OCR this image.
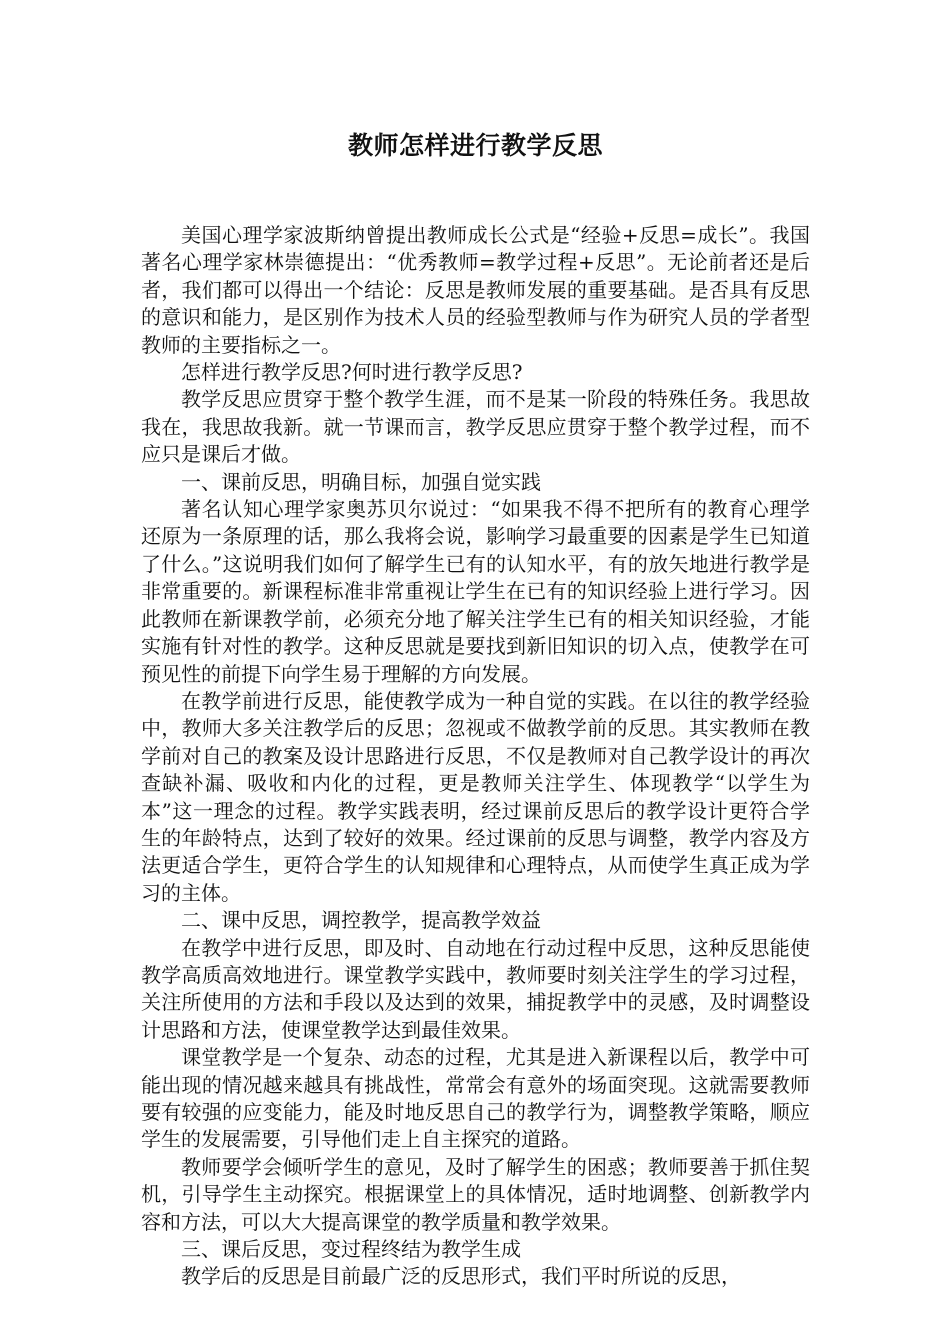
教师怎样进行教学反思

美国心理学家波斯纳曾提出教师成长公式是“经验+反思=成长”。我国著名心理学家林崇德提出：“优秀教师=教学过程+反思”。无论前者还是后者，我们都可以得出一个结论：反思是教师发展的重要基础。是否具有反思的意识和能力，是区别作为技术人员的经验型教师与作为研究人员的学者型教师的主要指标之一。

怎样进行教学反思?何时进行教学反思?

教学反思应贯穿于整个教学生涯，而不是某一阶段的特殊任务。我思故我在，我思故我新。就一节课而言，教学反思应贯穿于整个教学过程，而不应只是课后才做。

一、课前反思，明确目标，加强自觉实践

著名认知心理学家奥苏贝尔说过：“如果我不得不把所有的教育心理学还原为一条原理的话，那么我将会说，影响学习最重要的因素是学生已知道了什么。”这说明我们如何了解学生已有的认知水平，有的放矢地进行教学是非常重要的。新课程标准非常重视让学生在已有的知识经验上进行学习。因此教师在新课教学前，必须充分地了解关注学生已有的相关知识经验，才能实施有针对性的教学。这种反思就是要找到新旧知识的切入点，使教学在可预见性的前提下向学生易于理解的方向发展。

在教学前进行反思，能使教学成为一种自觉的实践。在以往的教学经验中，教师大多关注教学后的反思；忽视或不做教学前的反思。其实教师在教学前对自己的教案及设计思路进行反思，不仅是教师对自己教学设计的再次查缺补漏、吸收和内化的过程，更是教师关注学生、体现教学“以学生为本”这一理念的过程。教学实践表明，经过课前反思后的教学设计更符合学生的年龄特点，达到了较好的效果。经过课前的反思与调整，教学内容及方法更适合学生，更符合学生的认知规律和心理特点，从而使学生真正成为学习的主体。

二、课中反思，调控教学，提高教学效益

在教学中进行反思，即及时、自动地在行动过程中反思，这种反思能使教学高质高效地进行。课堂教学实践中，教师要时刻关注学生的学习过程，关注所使用的方法和手段以及达到的效果，捕捉教学中的灵感，及时调整设计思路和方法，使课堂教学达到最佳效果。

课堂教学是一个复杂、动态的过程，尤其是进入新课程以后，教学中可能出现的情况越来越具有挑战性，常常会有意外的场面突现。这就需要教师要有较强的应变能力，能及时地反思自己的教学行为，调整教学策略，顺应学生的发展需要，引导他们走上自主探究的道路。

教师要学会倾听学生的意见，及时了解学生的困惑；教师要善于抓住契机，引导学生主动探究。根据课堂上的具体情况，适时地调整、创新教学内容和方法，可以大大提高课堂的教学质量和教学效果。

三、课后反思，变过程终结为教学生成

教学后的反思是目前最广泛的反思形式，我们平时所说的反思，
